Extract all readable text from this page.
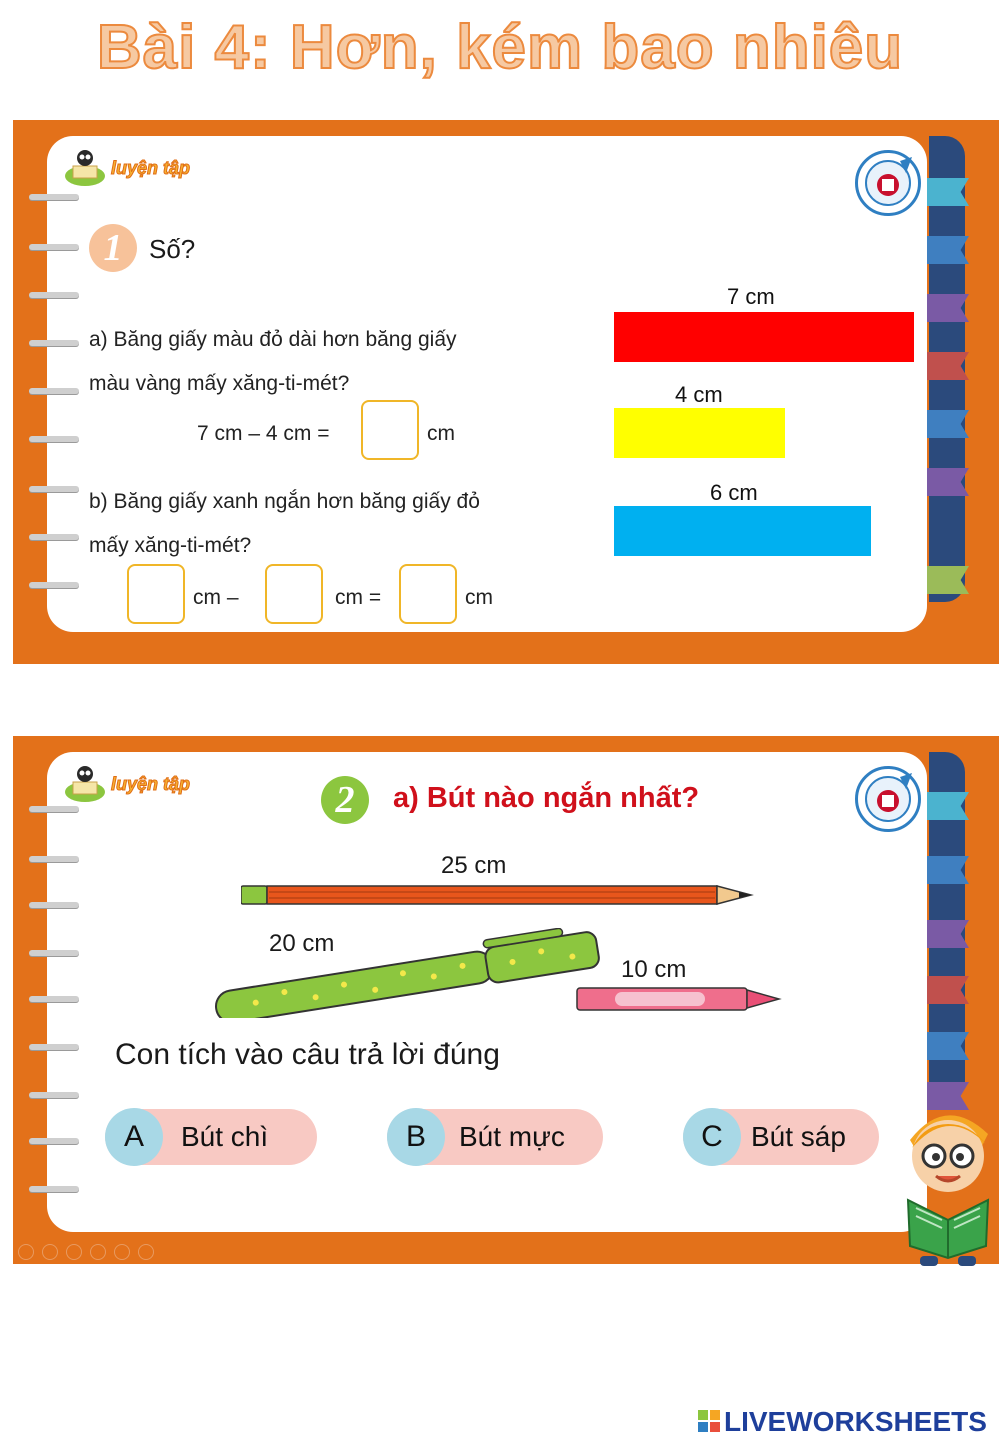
Bài 4: Hơn, kém bao nhiêu
luyện tập
1	Số?
a) Băng giấy màu đỏ dài hơn băng giấy
màu vàng mấy xăng-ti-mét?
7 cm – 4 cm =	cm
b) Băng giấy xanh ngắn hơn băng giấy đỏ
mấy xăng-ti-mét?
cm –	cm =	cm
7 cm
4 cm
6 cm
luyện tập	2	a) Bút nào ngắn nhất?
25 cm
20 cm
10 cm
Con tích vào câu trả lời đúng
A	Bút chì	B	Bút mực	C	Bút sáp
LIVEWORKSHEETS
